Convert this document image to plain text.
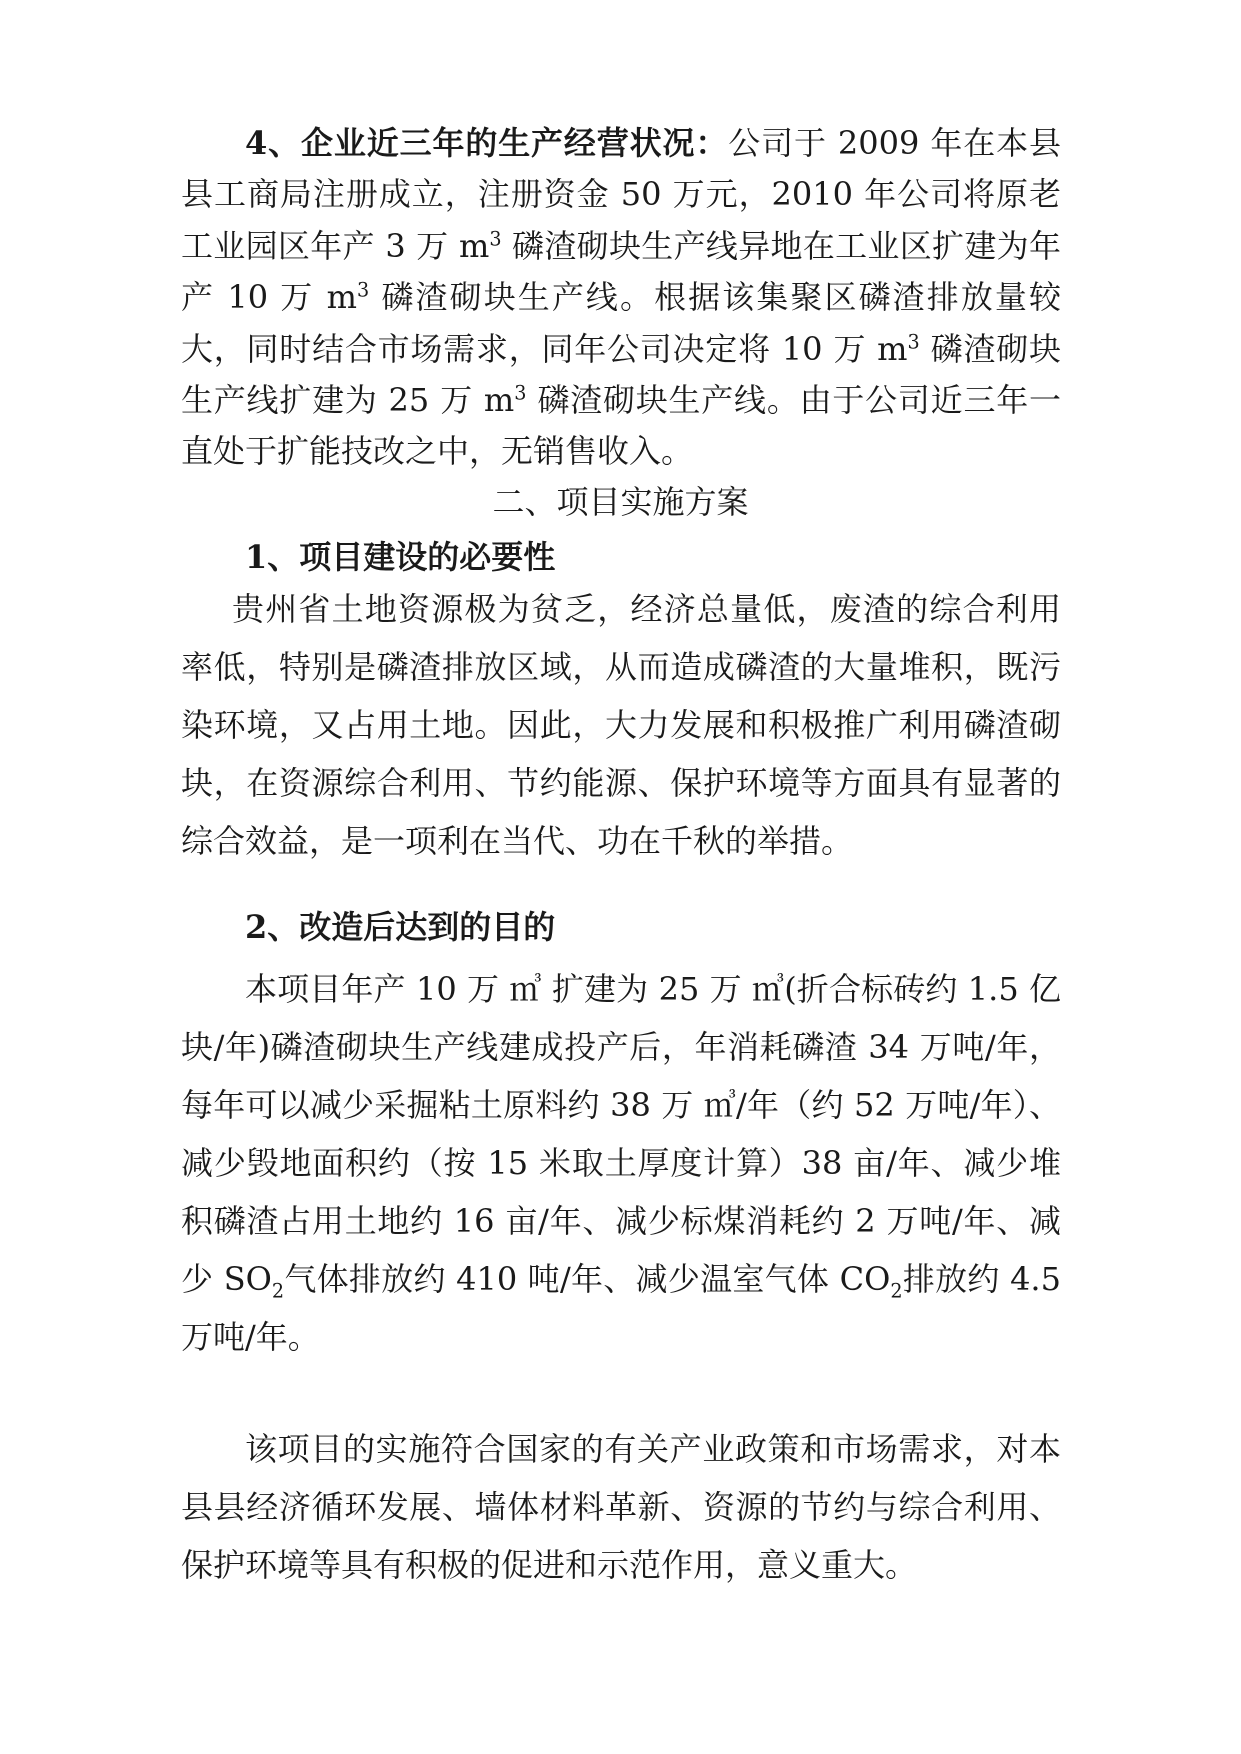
4、企业近三年的生产经营状况：公司于 2009 年在本县县工商局注册成立，注册资金 50 万元，2010 年公司将原老工业园区年产 3 万 $m^3$ 磷渣砌块生产线异地在工业区扩建为年产 10 万 $m^3$ 磷渣砌块生产线。根据该集聚区磷渣排放量较大，同时结合市场需求，同年公司决定将 10 万 $m^3$ 磷渣砌块生产线扩建为 25 万 $m^3$ 磷渣砌块生产线。由于公司近三年一直处于扩能技改之中，无销售收入。

二、项目实施方案
1、项目建设的必要性

贵州省土地资源极为贫乏，经济总量低，废渣的综合利用率低，特别是磷渣排放区域，从而造成磷渣的大量堆积，既污染环境，又占用土地。因此，大力发展和积极推广利用磷渣砌块，在资源综合利用、节约能源、保护环境等方面具有显著的综合效益，是一项利在当代、功在千秋的举措。

2、改造后达到的目的

本项目年产 10 万 ㎥ 扩建为 25 万 ㎥(折合标砖约 1.5 亿块/年)磷渣砌块生产线建成投产后，年消耗磷渣 34 万吨/年，每年可以减少采掘粘土原料约 38 万 ㎥/年（约 52 万吨/年）、减少毁地面积约（按 15 米取土厚度计算）38 亩/年、减少堆积磷渣占用土地约 16 亩/年、减少标煤消耗约 2 万吨/年、减少 $SO_2$气体排放约 410 吨/年、减少温室气体 $CO_2$排放约 4.5 万吨/年。

该项目的实施符合国家的有关产业政策和市场需求，对本县县经济循环发展、墙体材料革新、资源的节约与综合利用、保护环境等具有积极的促进和示范作用，意义重大。
